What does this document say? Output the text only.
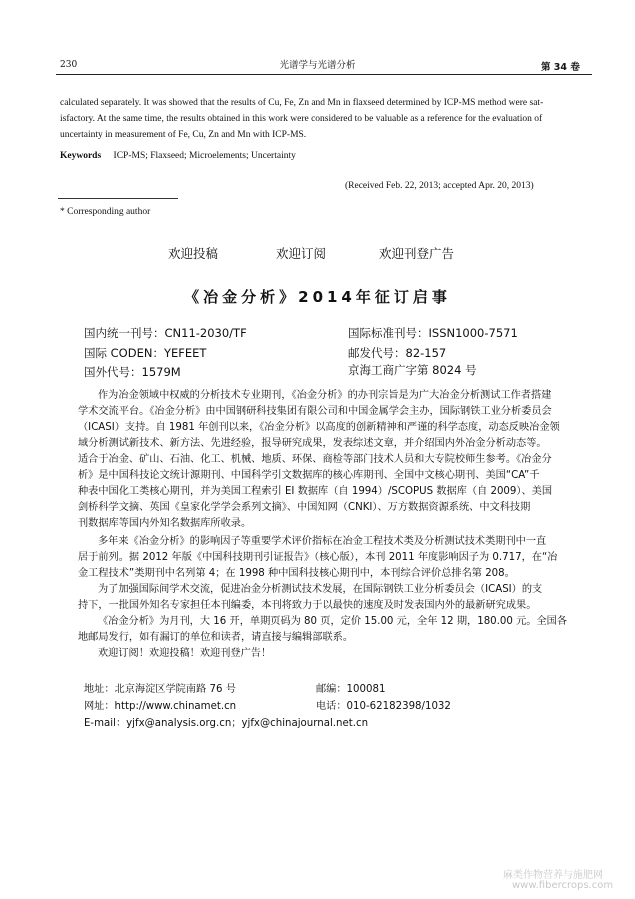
230	光谱学与光谱分析	第 34 卷
calculated separately. It was showed that the results of Cu, Fe, Zn and Mn in flaxseed determined by ICP-MS method were sat-
isfactory. At the same time, the results obtained in this work were considered to be valuable as a reference for the evaluation of
uncertainty in measurement of Fe, Cu, Zn and Mn with ICP-MS.
Keywords ICP-MS; Flaxseed; Microelements; Uncertainty
(Received Feb. 22, 2013; accepted Apr. 20, 2013)
* Corresponding author
欢迎投稿	欢迎订阅	欢迎刊登广告
《冶金分析》2014年征订启事
国内统一刊号：CN11-2030/TF	国际标准刊号：ISSN1000-7571
国际 CODEN：YEFEET	邮发代号：82-157
国外代号：1579M	京海工商广字第 8024 号
作为冶金领域中权威的分析技术专业期刊，《冶金分析》的办刊宗旨是为广大冶金分析测试工作者搭建
学术交流平台。《冶金分析》由中国钢研科技集团有限公司和中国金属学会主办，国际钢铁工业分析委员会
（ICASI）支持。自 1981 年创刊以来，《冶金分析》以高度的创新精神和严谨的科学态度，动态反映冶金领
域分析测试新技术、新方法、先进经验，报导研究成果，发表综述文章，并介绍国内外冶金分析动态等。
适合于冶金、矿山、石油、化工、机械、地质、环保、商检等部门技术人员和大专院校师生参考。《冶金分
析》是中国科技论文统计源期刊、中国科学引文数据库的核心库期刊、全国中文核心期刊、美国“CA”千
种表中国化工类核心期刊，并为美国工程索引 EI 数据库（自 1994）/SCOPUS 数据库（自 2009）、美国
剑桥科学文摘、英国《皇家化学学会系列文摘》、中国知网（CNKI）、万方数据资源系统、中文科技期
刊数据库等国内外知名数据库所收录。
多年来《冶金分析》的影响因子等重要学术评价指标在冶金工程技术类及分析测试技术类期刊中一直
居于前列。据 2012 年版《中国科技期刊引证报告》（核心版），本刊 2011 年度影响因子为 0.717，在“冶
金工程技术”类期刊中名列第 4；在 1998 种中国科技核心期刊中，本刊综合评价总排名第 208。
为了加强国际间学术交流，促进冶金分析测试技术发展，在国际钢铁工业分析委员会（ICASI）的支
持下，一批国外知名专家担任本刊编委，本刊将致力于以最快的速度及时发表国内外的最新研究成果。
《冶金分析》为月刊，大 16 开，单期页码为 80 页，定价 15.00 元，全年 12 期，180.00 元。全国各
地邮局发行，如有漏订的单位和读者，请直接与编辑部联系。
欢迎订阅！欢迎投稿！欢迎刊登广告！
地址：北京海淀区学院南路 76 号	邮编：100081
网址：http://www.chinamet.cn	电话：010-62182398/1032
E-mail：yjfx@analysis.org.cn；yjfx@chinajournal.net.cn
麻类作物营养与施肥网
www.fibercrops.com
